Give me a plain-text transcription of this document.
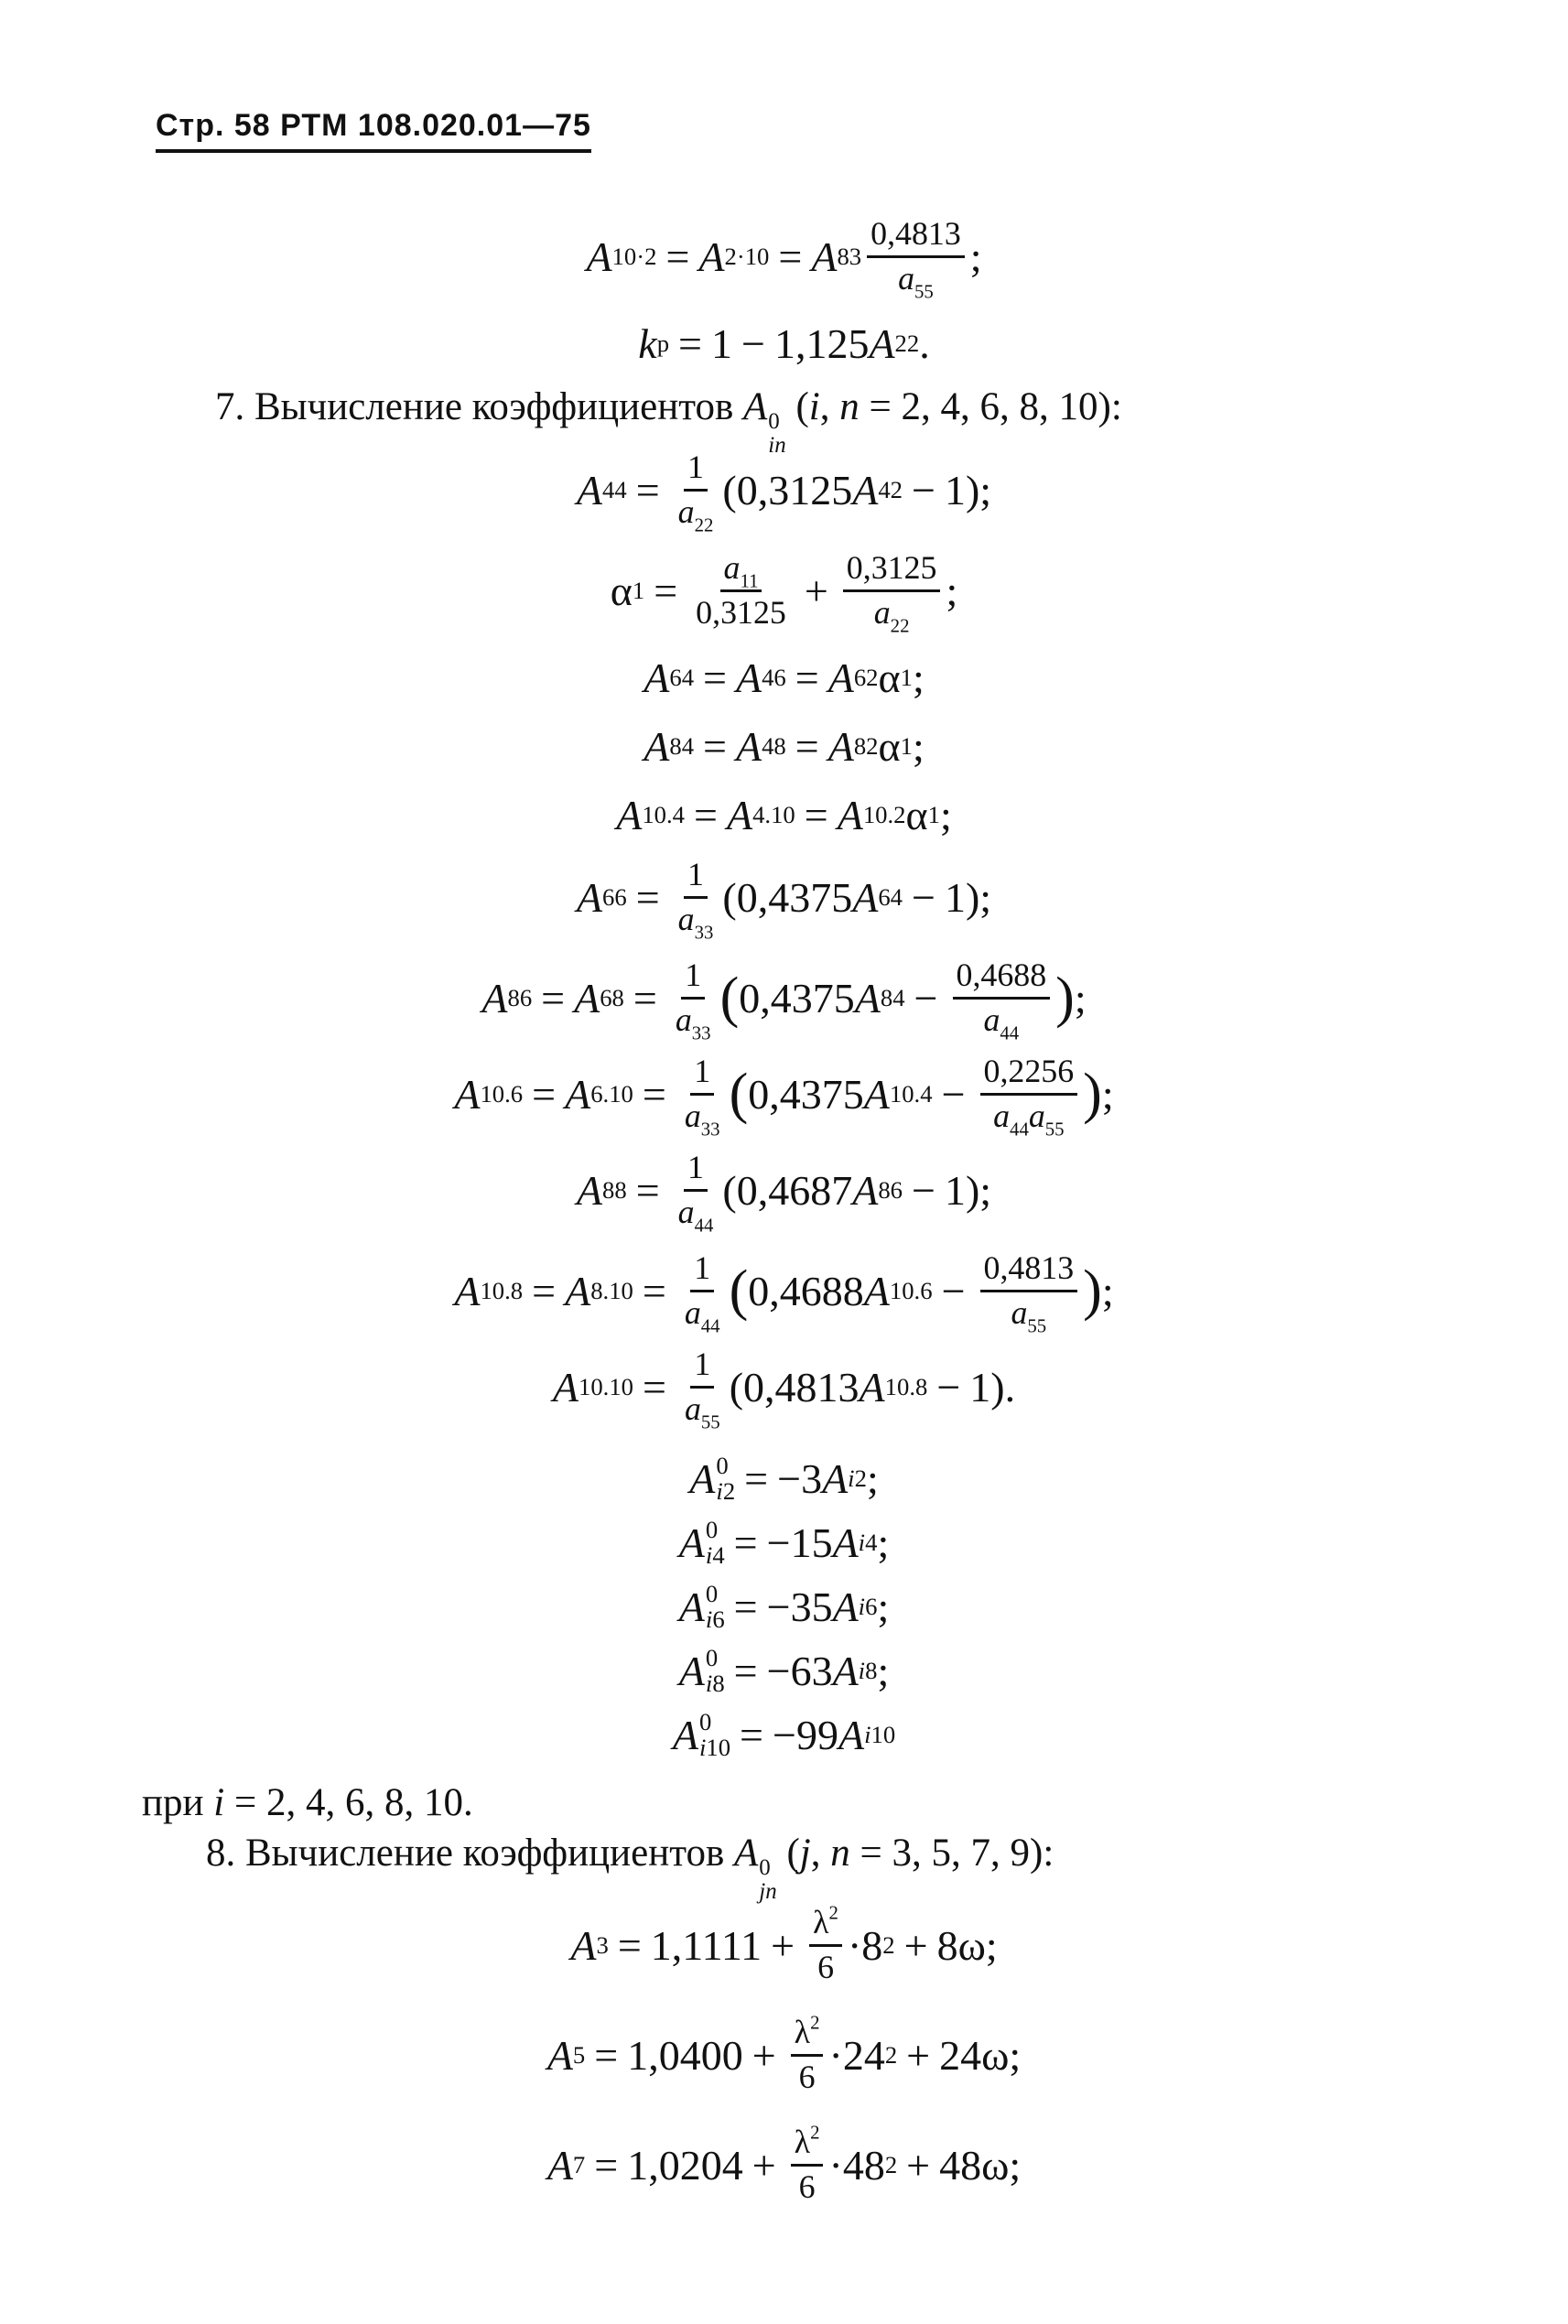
Стр. 58 РТМ 108.020.01—75
A 10·2 = A 2·10 = A $83 \frac{0,4813}{a_{55}}$ ;
k p = 1 − 1,125 A 22 .
7. Вычисление коэффициентов A 0
in
(i, n = 2, 4, 6, 8, 10):
A $44 = \frac{1}{a_{22}}$ ( 0,3125 A 42 − 1 );
α $1 = \frac{a_{11}}{0,3125} + \frac{0,3125}{a_{22}}$ ;
A 64 = A 46 = A 62 α 1 ;
A 84 = A 48 = A 82 α 1 ;
A 10.4 = A 4.10 = A 10.2 α 1 ;
A $66 = \frac{1}{a_{33}}$ ( 0,4375 A 64 − 1 );
A 86 = A $68 = \frac{1}{a_{33}}$ ( 0,4375 A $84 - \frac{0,4688}{a_{44}}$ ) ;
A 10.6 = A $6.10 = \frac{1}{a_{33}}$ ( 0,4375 A $10.4 - \frac{0,2256}{a_{44}a_{55}}$ ) ;
A $88 = \frac{1}{a_{44}}$ ( 0,4687 A 86 − 1 );
A 10.8 = A $8.10 = \frac{1}{a_{44}}$ ( 0,4688 A $10.6 - \frac{0,4813}{a_{55}}$ ) ;
A $10.10 = \frac{1}{a_{55}}$ ( 0,4813 A 10.8 − 1 ).
A 0
i2 = − 3 A i2 ;
A 0
i4 = − 15 A i4 ;
A 0
i6 = − 35 A i6 ;
A 0
i8 = − 63 A i8 ;
A 0
i10 = − 99 A i10
при i = 2, 4, 6, 8, 10.
8. Вычисление коэффициентов A 0
jn
(j, n = 3, 5, 7, 9):
A $3 = 1,1111 + \frac{\lambda^2}{6} \cdot 8$ 2 + 8 ω;
A $5 = 1,0400 + \frac{\lambda^2}{6} \cdot 24$ 2 + 24 ω;
A $7 = 1,0204 + \frac{\lambda^2}{6} \cdot 48$ 2 + 48 ω;
